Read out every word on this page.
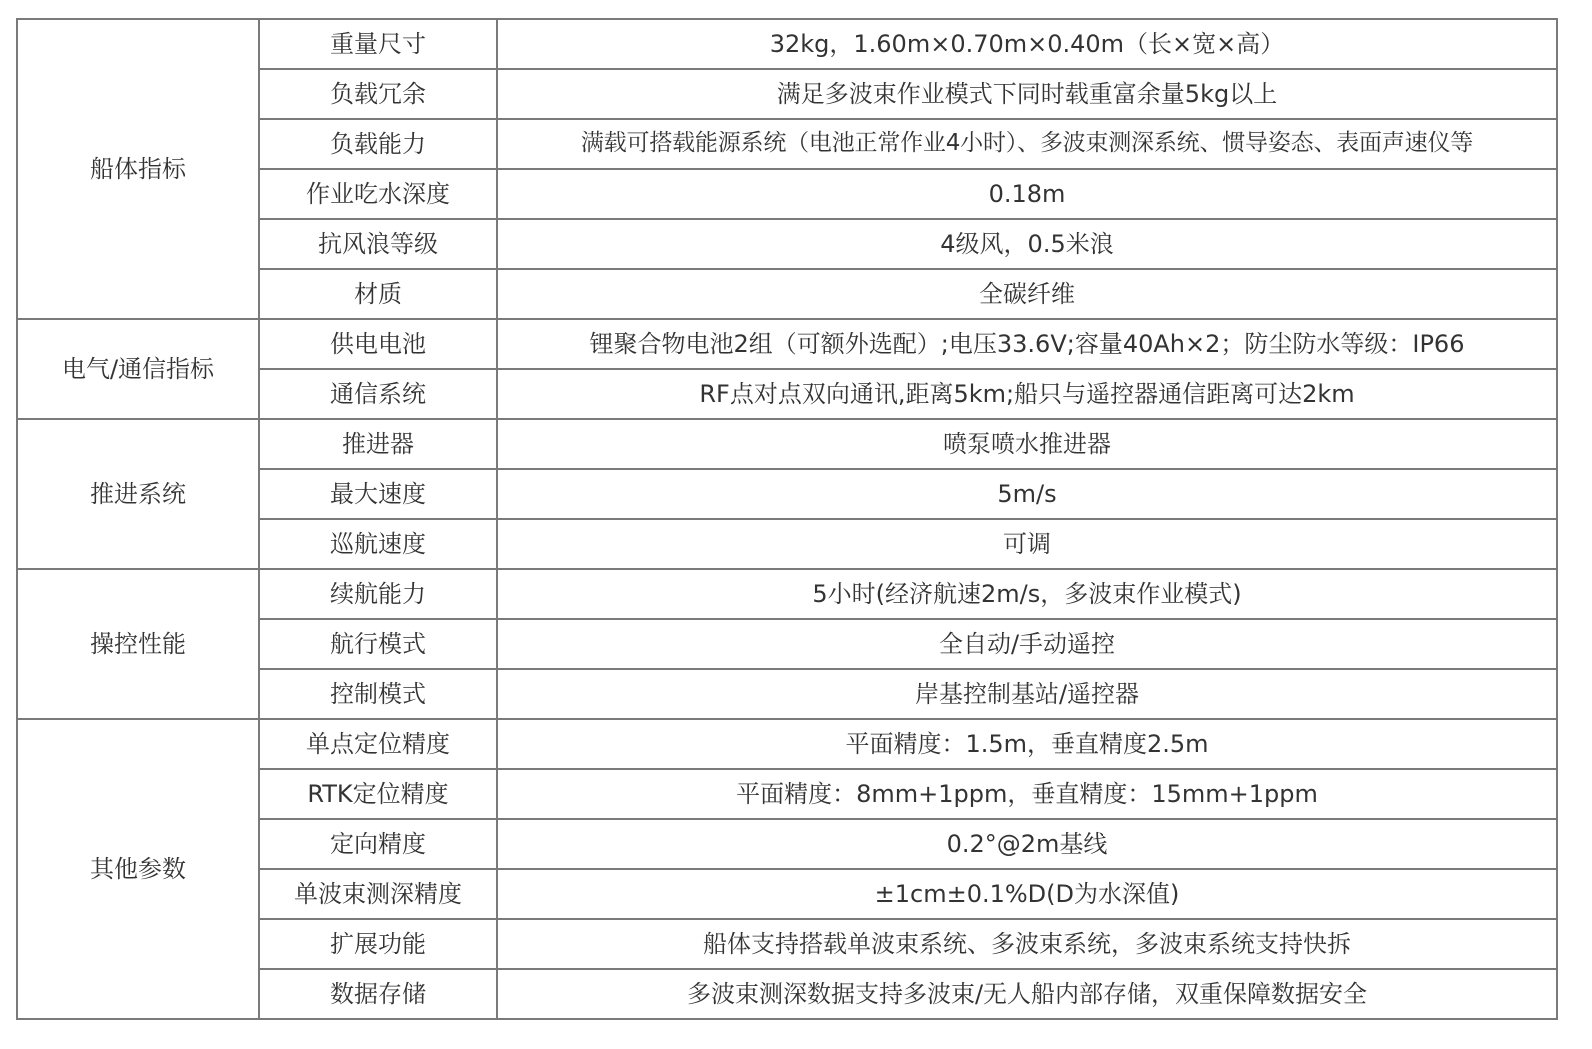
船体指标	重量尺寸	32kg，1.60m×0.70m×0.40m（长×宽×高）
	负载冗余	满足多波束作业模式下同时载重富余量5kg以上
	负载能力	满载可搭载能源系统（电池正常作业4小时）、多波束测深系统、惯导姿态、表面声速仪等
	作业吃水深度	0.18m
	抗风浪等级	4级风，0.5米浪
	材质	全碳纤维
电气/通信指标	供电电池	锂聚合物电池2组（可额外选配）;电压33.6V;容量40Ah×2；防尘防水等级：IP66
	通信系统	RF点对点双向通讯,距离5km;船只与遥控器通信距离可达2km
推进系统	推进器	喷泵喷水推进器
	最大速度	5m/s
	巡航速度	可调
操控性能	续航能力	5小时(经济航速2m/s，多波束作业模式)
	航行模式	全自动/手动遥控
	控制模式	岸基控制基站/遥控器
其他参数	单点定位精度	平面精度：1.5m，垂直精度2.5m
	RTK定位精度	平面精度：8mm+1ppm，垂直精度：15mm+1ppm
	定向精度	0.2°@2m基线
	单波束测深精度	±1cm±0.1%D(D为水深值)
	扩展功能	船体支持搭载单波束系统、多波束系统，多波束系统支持快拆
	数据存储	多波束测深数据支持多波束/无人船内部存储，双重保障数据安全
